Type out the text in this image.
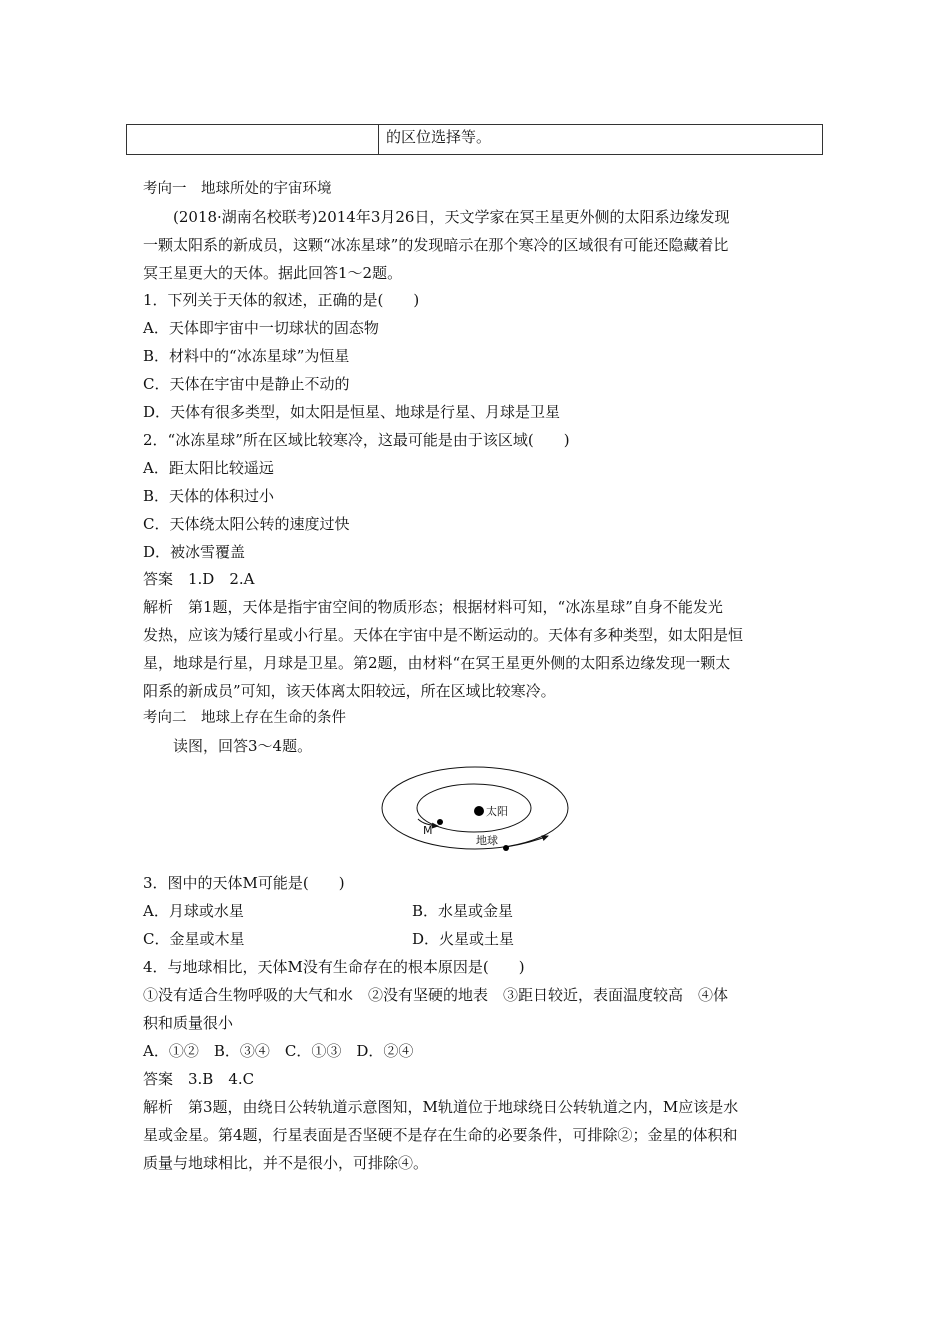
的区位选择等。
考向一　地球所处的宇宙环境
(2018·湖南名校联考)2014年3月26日，天文学家在冥王星更外侧的太阳系边缘发现
一颗太阳系的新成员，这颗“冰冻星球”的发现暗示在那个寒冷的区域很有可能还隐藏着比
冥王星更大的天体。据此回答1～2题。
1．下列关于天体的叙述，正确的是(　　)
A．天体即宇宙中一切球状的固态物
B．材料中的“冰冻星球”为恒星
C．天体在宇宙中是静止不动的
D．天体有很多类型，如太阳是恒星、地球是行星、月球是卫星
2．“冰冻星球”所在区域比较寒冷，这最可能是由于该区域(　　)
A．距太阳比较遥远
B．天体的体积过小
C．天体绕太阳公转的速度过快
D．被冰雪覆盖
答案　1.D　2.A
解析　第1题，天体是指宇宙空间的物质形态；根据材料可知，“冰冻星球”自身不能发光
发热，应该为矮行星或小行星。天体在宇宙中是不断运动的。天体有多种类型，如太阳是恒
星，地球是行星，月球是卫星。第2题，由材料“在冥王星更外侧的太阳系边缘发现一颗太
阳系的新成员”可知，该天体离太阳较远，所在区域比较寒冷。
考向二　地球上存在生命的条件
读图，回答3～4题。
太阳
M
地球
3．图中的天体M可能是(　　)
A．月球或水星	B．水星或金星
C．金星或木星	D．火星或土星
4．与地球相比，天体M没有生命存在的根本原因是(　　)
①没有适合生物呼吸的大气和水　②没有坚硬的地表　③距日较近，表面温度较高　④体
积和质量很小
A．①②　B．③④　C．①③　D．②④
答案　3.B　4.C
解析　第3题，由绕日公转轨道示意图知，M轨道位于地球绕日公转轨道之内，M应该是水
星或金星。第4题，行星表面是否坚硬不是存在生命的必要条件，可排除②；金星的体积和
质量与地球相比，并不是很小，可排除④。
